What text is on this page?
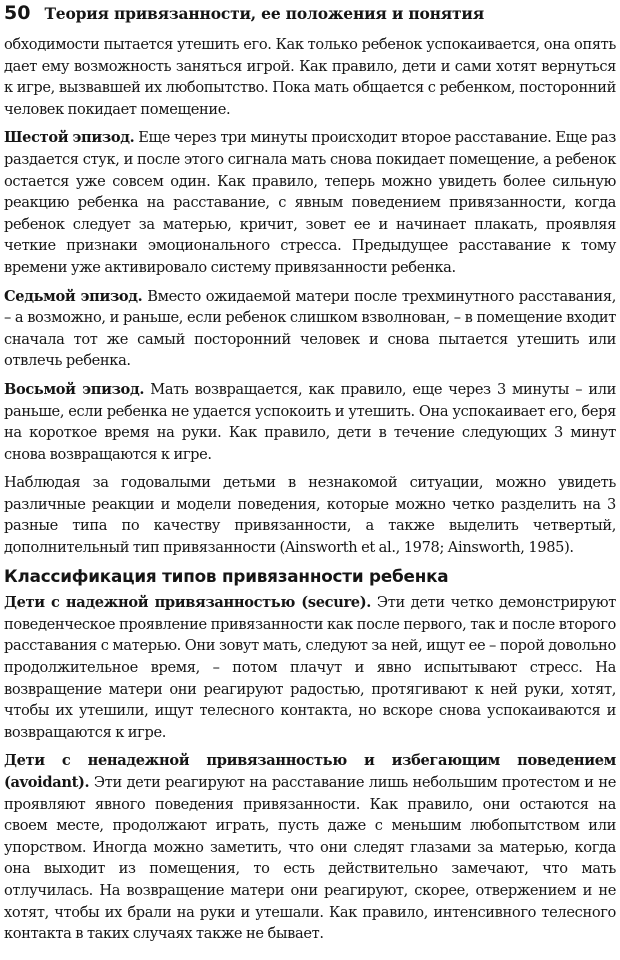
50 Теория привязанности, ее положения и понятия

обходимости пытается утешить его. Как только ребенок успокаивается, она опять дает ему возможность заняться игрой. Как правило, дети и сами хотят вернуться к игре, вызвавшей их любопытство. Пока мать общается с ребенком, посторонний человек покидает помещение.

Шестой эпизод. Еще через три минуты происходит второе расставание. Еще раз раздается стук, и после этого сигнала мать снова покидает помещение, а ребенок остается уже совсем один. Как правило, теперь можно увидеть более сильную реакцию ребенка на расставание, с явным поведением привязанности, когда ребенок следует за матерью, кричит, зовет ее и начинает плакать, проявляя четкие признаки эмоционального стресса. Предыдущее расставание к тому времени уже активировало систему привязанности ребенка.

Седьмой эпизод. Вместо ожидаемой матери после трехминутного расставания, – а возможно, и раньше, если ребенок слишком взволнован, – в помещение входит сначала тот же самый посторонний человек и снова пытается утешить или отвлечь ребенка.

Восьмой эпизод. Мать возвращается, как правило, еще через 3 минуты – или раньше, если ребенка не удается успокоить и утешить. Она успокаивает его, беря на короткое время на руки. Как правило, дети в течение следующих 3 минут снова возвращаются к игре.

Наблюдая за годовалыми детьми в незнакомой ситуации, можно увидеть различные реакции и модели поведения, которые можно четко разделить на 3 разные типа по качеству привязанности, а также выделить четвертый, дополнительный тип привязанности (Ainsworth et al., 1978; Ainsworth, 1985).

Классификация типов привязанности ребенка

Дети с надежной привязанностью (secure). Эти дети четко демонстрируют поведенческое проявление привязанности как после первого, так и после второго расставания с матерью. Они зовут мать, следуют за ней, ищут ее – порой довольно продолжительное время, – потом плачут и явно испытывают стресс. На возвращение матери они реагируют радостью, протягивают к ней руки, хотят, чтобы их утешили, ищут телесного контакта, но вскоре снова успокаиваются и возвращаются к игре.

Дети с ненадежной привязанностью и избегающим поведением (avoidant). Эти дети реагируют на расставание лишь небольшим протестом и не проявляют явного поведения привязанности. Как правило, они остаются на своем месте, продолжают играть, пусть даже с меньшим любопытством или упорством. Иногда можно заметить, что они следят глазами за матерью, когда она выходит из помещения, то есть действительно замечают, что мать отлучилась. На возвращение матери они реагируют, скорее, отвержением и не хотят, чтобы их брали на руки и утешали. Как правило, интенсивного телесного контакта в таких случаях также не бывает.
